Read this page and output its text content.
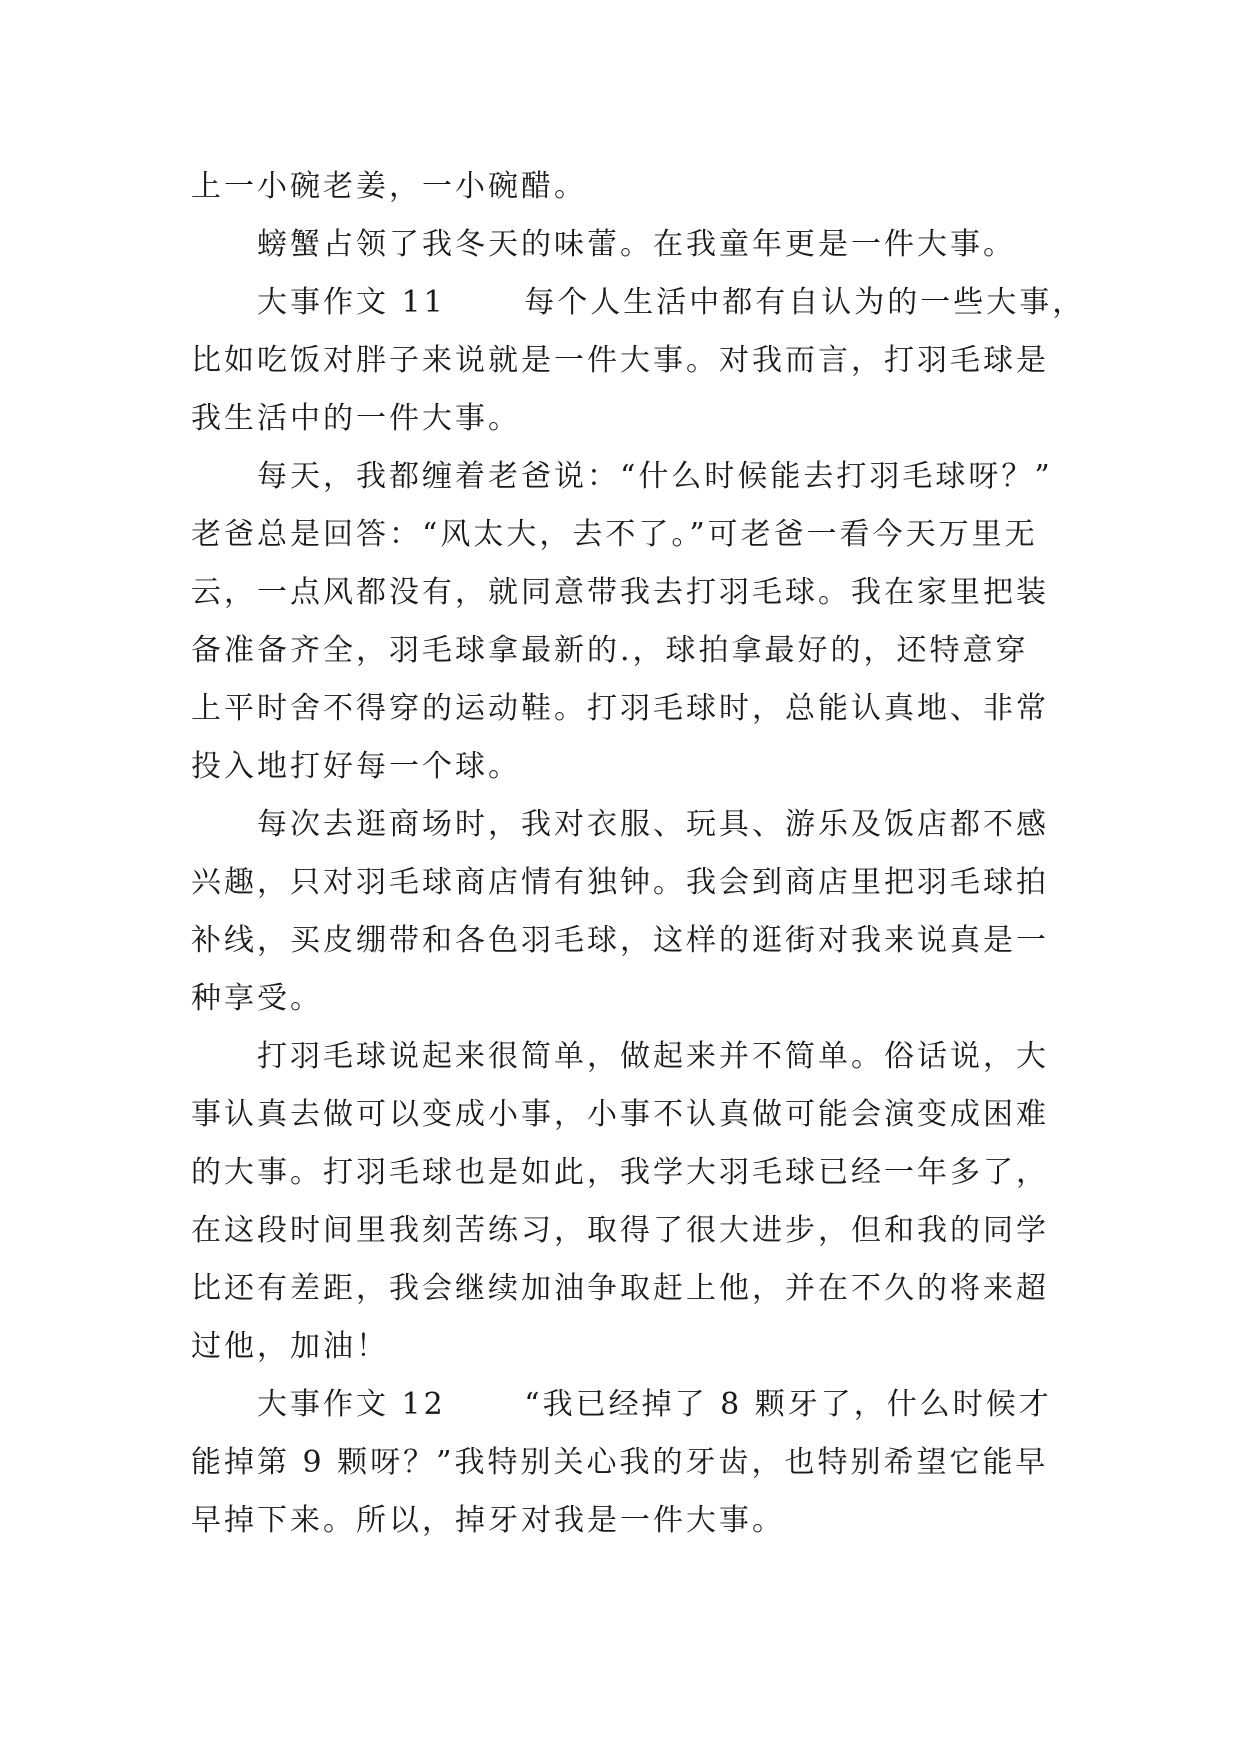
上一小碗老姜，一小碗醋。
螃蟹占领了我冬天的味蕾。在我童年更是一件大事。
大事作文 11　　 每个人生活中都有自认为的一些大事，
比如吃饭对胖子来说就是一件大事。对我而言，打羽毛球是
我生活中的一件大事。
每天，我都缠着老爸说：“什么时候能去打羽毛球呀？”
老爸总是回答：“风太大，去不了。”可老爸一看今天万里无
云，一点风都没有，就同意带我去打羽毛球。我在家里把装
备准备齐全，羽毛球拿最新的.，球拍拿最好的，还特意穿
上平时舍不得穿的运动鞋。打羽毛球时，总能认真地、非常
投入地打好每一个球。
每次去逛商场时，我对衣服、玩具、游乐及饭店都不感
兴趣，只对羽毛球商店情有独钟。我会到商店里把羽毛球拍
补线，买皮绷带和各色羽毛球，这样的逛街对我来说真是一
种享受。
打羽毛球说起来很简单，做起来并不简单。俗话说，大
事认真去做可以变成小事，小事不认真做可能会演变成困难
的大事。打羽毛球也是如此，我学大羽毛球已经一年多了，
在这段时间里我刻苦练习，取得了很大进步，但和我的同学
比还有差距，我会继续加油争取赶上他，并在不久的将来超
过他，加油！
大事作文 12　　 “我已经掉了 8 颗牙了，什么时候才
能掉第 9 颗呀？”我特别关心我的牙齿，也特别希望它能早
早掉下来。所以，掉牙对我是一件大事。
